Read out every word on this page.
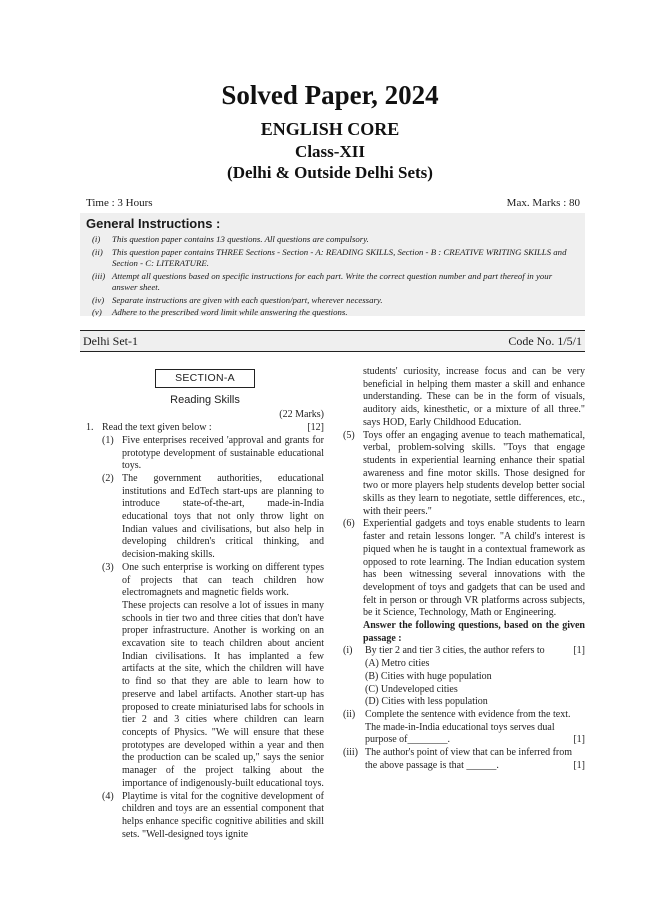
Solved Paper, 2024
ENGLISH CORE
Class-XII
(Delhi & Outside Delhi Sets)
Time : 3 Hours	Max. Marks : 80
General Instructions :
(i)	This question paper contains 13 questions. All questions are compulsory.
(ii)	This question paper contains THREE Sections - Section - A: READING SKILLS, Section - B : CREATIVE WRITING SKILLS and Section - C: LITERATURE.
(iii) Attempt all questions based on specific instructions for each part. Write the correct question number and part thereof in your answer sheet.
(iv) Separate instructions are given with each question/part, wherever necessary.
(v)	Adhere to the prescribed word limit while answering the questions.
Delhi Set-1	Code No. 1/5/1
SECTION-A
Reading Skills
(22 Marks)
1. Read the text given below :	[12]
(1) Five enterprises received 'approval and grants for prototype development of sustainable educational toys.
(2) The government authorities, educational institutions and EdTech start-ups are planning to introduce state-of-the-art, made-in-India educational toys that not only throw light on Indian values and civilisations, but also help in developing children's critical thinking, and decision-making skills.
(3) One such enterprise is working on different types of projects that can teach children how electromagnets and magnetic fields work.
These projects can resolve a lot of issues in many schools in tier two and three cities that don't have proper infrastructure. Another is working on an excavation site to teach children about ancient Indian civilisations. It has implanted a few artifacts at the site, which the children will have to find so that they are able to learn how to preserve and label artifacts. Another start-up has proposed to create miniaturised labs for schools in tier 2 and 3 cities where children can learn concepts of Physics. "We will ensure that these prototypes are developed within a year and then the production can be scaled up," says the senior manager of the project talking about the importance of indigenously-built educational toys.
(4) Playtime is vital for the cognitive development of children and toys are an essential component that helps enhance specific cognitive abilities and skill sets. "Well-designed toys ignite
students' curiosity, increase focus and can be very beneficial in helping them master a skill and enhance understanding. These can be in the form of visuals, auditory aids, kinesthetic, or a mixture of all three." says HOD, Early Childhood Education.
(5) Toys offer an engaging avenue to teach mathematical, verbal, problem-solving skills. "Toys that engage students in experiential learning enhance their spatial awareness and fine motor skills. Those designed for two or more players help students develop better social skills as they learn to negotiate, settle differences, etc., with their peers."
(6) Experiential gadgets and toys enable students to learn faster and retain lessons longer. "A child's interest is piqued when he is taught in a contextual framework as opposed to rote learning. The Indian education system has been witnessing several innovations with the development of toys and gadgets that can be used and felt in person or through VR platforms across subjects, be it Science, Technology, Math or Engineering.
Answer the following questions, based on the given passage :
(i)	By tier 2 and tier 3 cities, the author refers to	[1]
(A) Metro cities
(B) Cities with huge population
(C) Undeveloped cities
(D) Cities with less population
(ii) Complete the sentence with evidence from the text.
The made-in-India educational toys serves dual
purpose of________.	[1]
(iii) The author's point of view that can be inferred from
the above passage is that ______.	[1]
